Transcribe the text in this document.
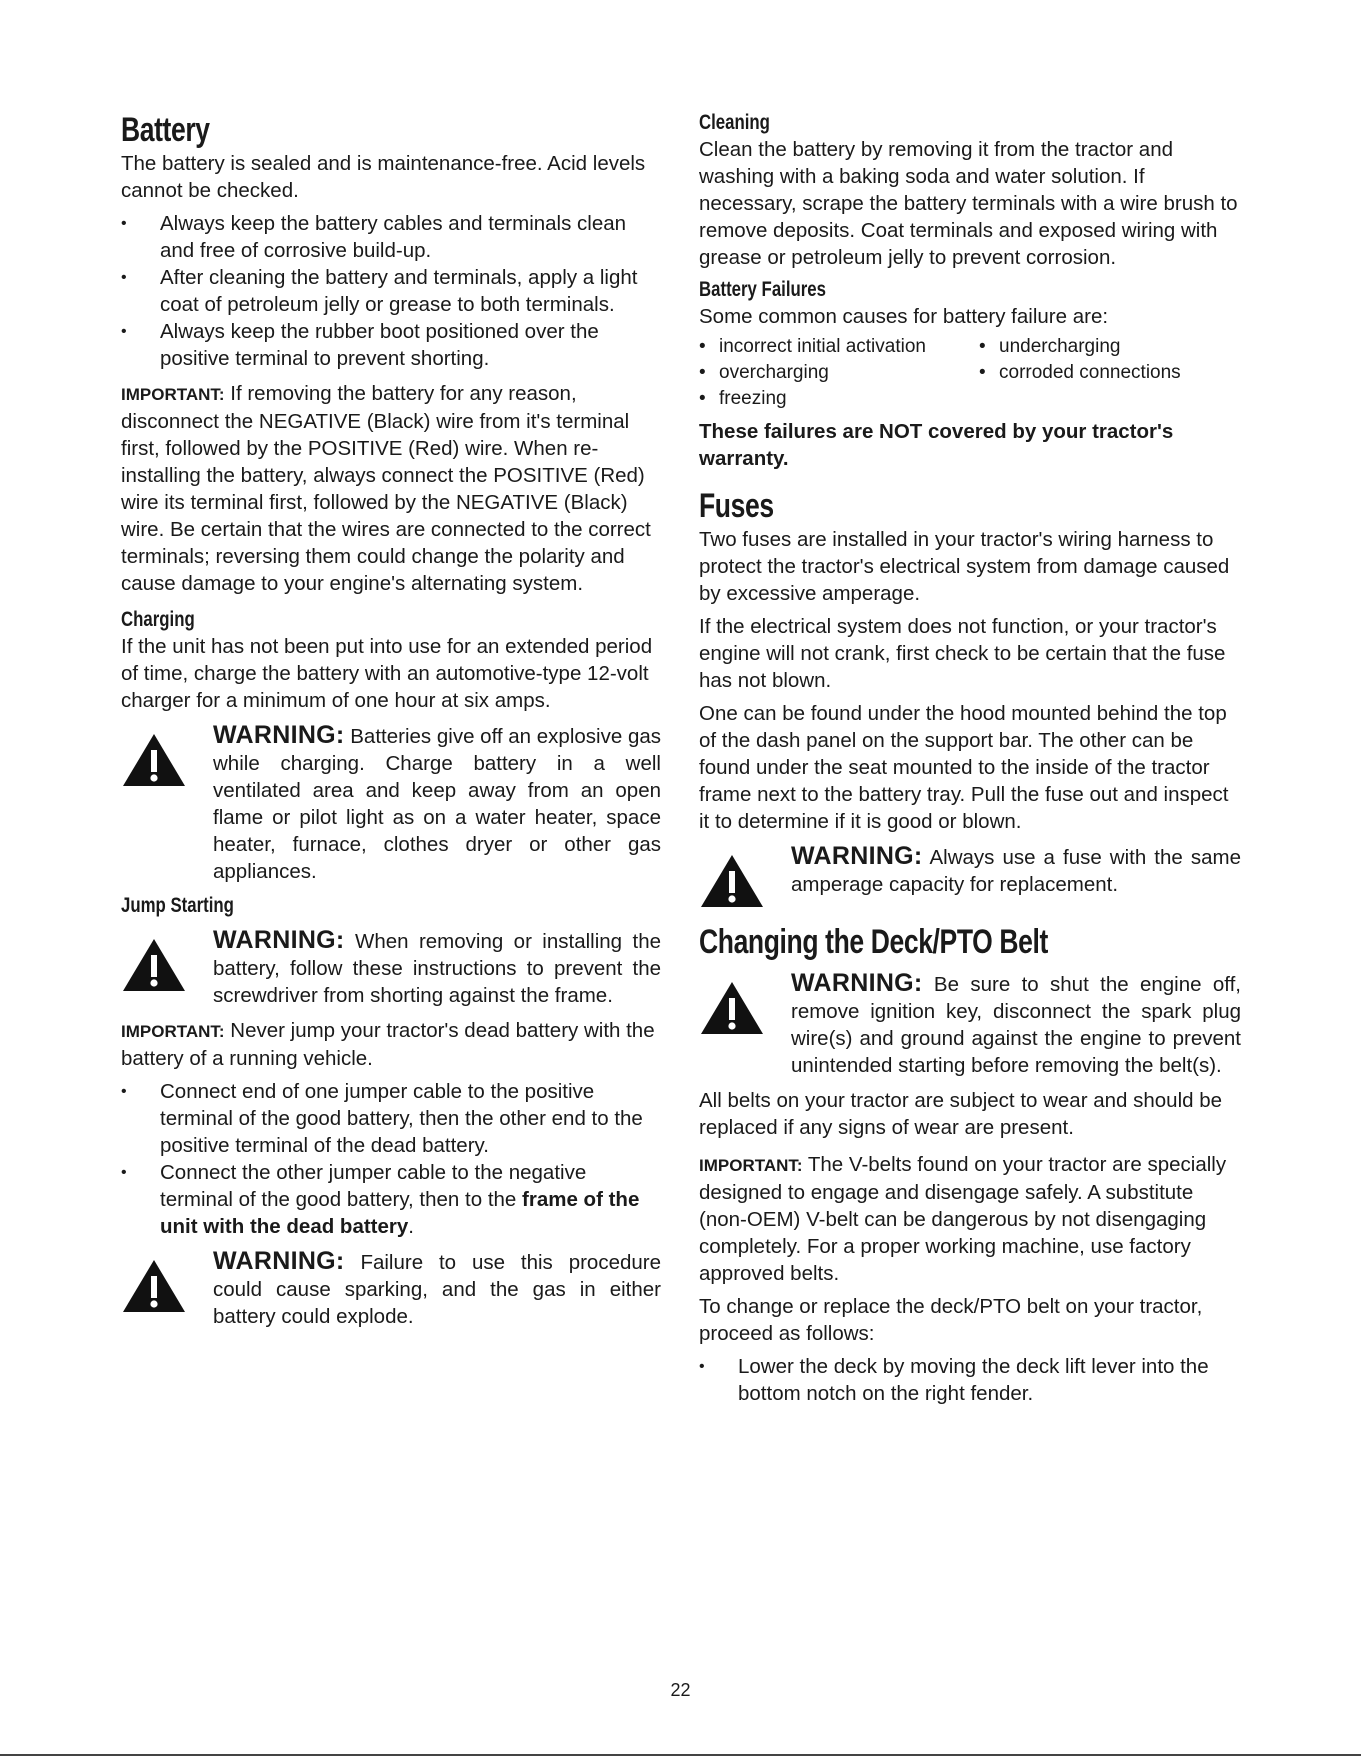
Battery

The battery is sealed and is maintenance-free. Acid levels cannot be checked.

• Always keep the battery cables and terminals clean and free of corrosive build-up.
• After cleaning the battery and terminals, apply a light coat of petroleum jelly or grease to both terminals.
• Always keep the rubber boot positioned over the positive terminal to prevent shorting.

IMPORTANT: If removing the battery for any reason, disconnect the NEGATIVE (Black) wire from it's terminal first, followed by the POSITIVE (Red) wire. When re-installing the battery, always connect the POSITIVE (Red) wire its terminal first, followed by the NEGATIVE (Black) wire. Be certain that the wires are connected to the correct terminals; reversing them could change the polarity and cause damage to your engine's alternating system.

Charging

If the unit has not been put into use for an extended period of time, charge the battery with an automotive-type 12-volt charger for a minimum of one hour at six amps.

WARNING: Batteries give off an explosive gas while charging. Charge battery in a well ventilated area and keep away from an open flame or pilot light as on a water heater, space heater, furnace, clothes dryer or other gas appliances.
Jump Starting
WARNING: When removing or installing the battery, follow these instructions to prevent the screwdriver from shorting against the frame.

IMPORTANT: Never jump your tractor's dead battery with the battery of a running vehicle.

• Connect end of one jumper cable to the positive terminal of the good battery, then the other end to the positive terminal of the dead battery.
• Connect the other jumper cable to the negative terminal of the good battery, then to the frame of the unit with the dead battery.
WARNING: Failure to use this procedure could cause sparking, and the gas in either battery could explode.
Cleaning

Clean the battery by removing it from the tractor and washing with a baking soda and water solution. If necessary, scrape the battery terminals with a wire brush to remove deposits. Coat terminals and exposed wiring with grease or petroleum jelly to prevent corrosion.

Battery Failures

Some common causes for battery failure are:

• incorrect initial activation	• undercharging
• overcharging	• corroded connections
• freezing

These failures are NOT covered by your tractor's warranty.

Fuses

Two fuses are installed in your tractor's wiring harness to protect the tractor's electrical system from damage caused by excessive amperage.

If the electrical system does not function, or your tractor's engine will not crank, first check to be certain that the fuse has not blown.

One can be found under the hood mounted behind the top of the dash panel on the support bar. The other can be found under the seat mounted to the inside of the tractor frame next to the battery tray. Pull the fuse out and inspect it to determine if it is good or blown.

WARNING: Always use a fuse with the same amperage capacity for replacement.
Changing the Deck/PTO Belt
WARNING: Be sure to shut the engine off, remove ignition key, disconnect the spark plug wire(s) and ground against the engine to prevent unintended starting before removing the belt(s).

All belts on your tractor are subject to wear and should be replaced if any signs of wear are present.

IMPORTANT: The V-belts found on your tractor are specially designed to engage and disengage safely. A substitute (non-OEM) V-belt can be dangerous by not disengaging completely. For a proper working machine, use factory approved belts.

To change or replace the deck/PTO belt on your tractor, proceed as follows:

• Lower the deck by moving the deck lift lever into the bottom notch on the right fender.
22
